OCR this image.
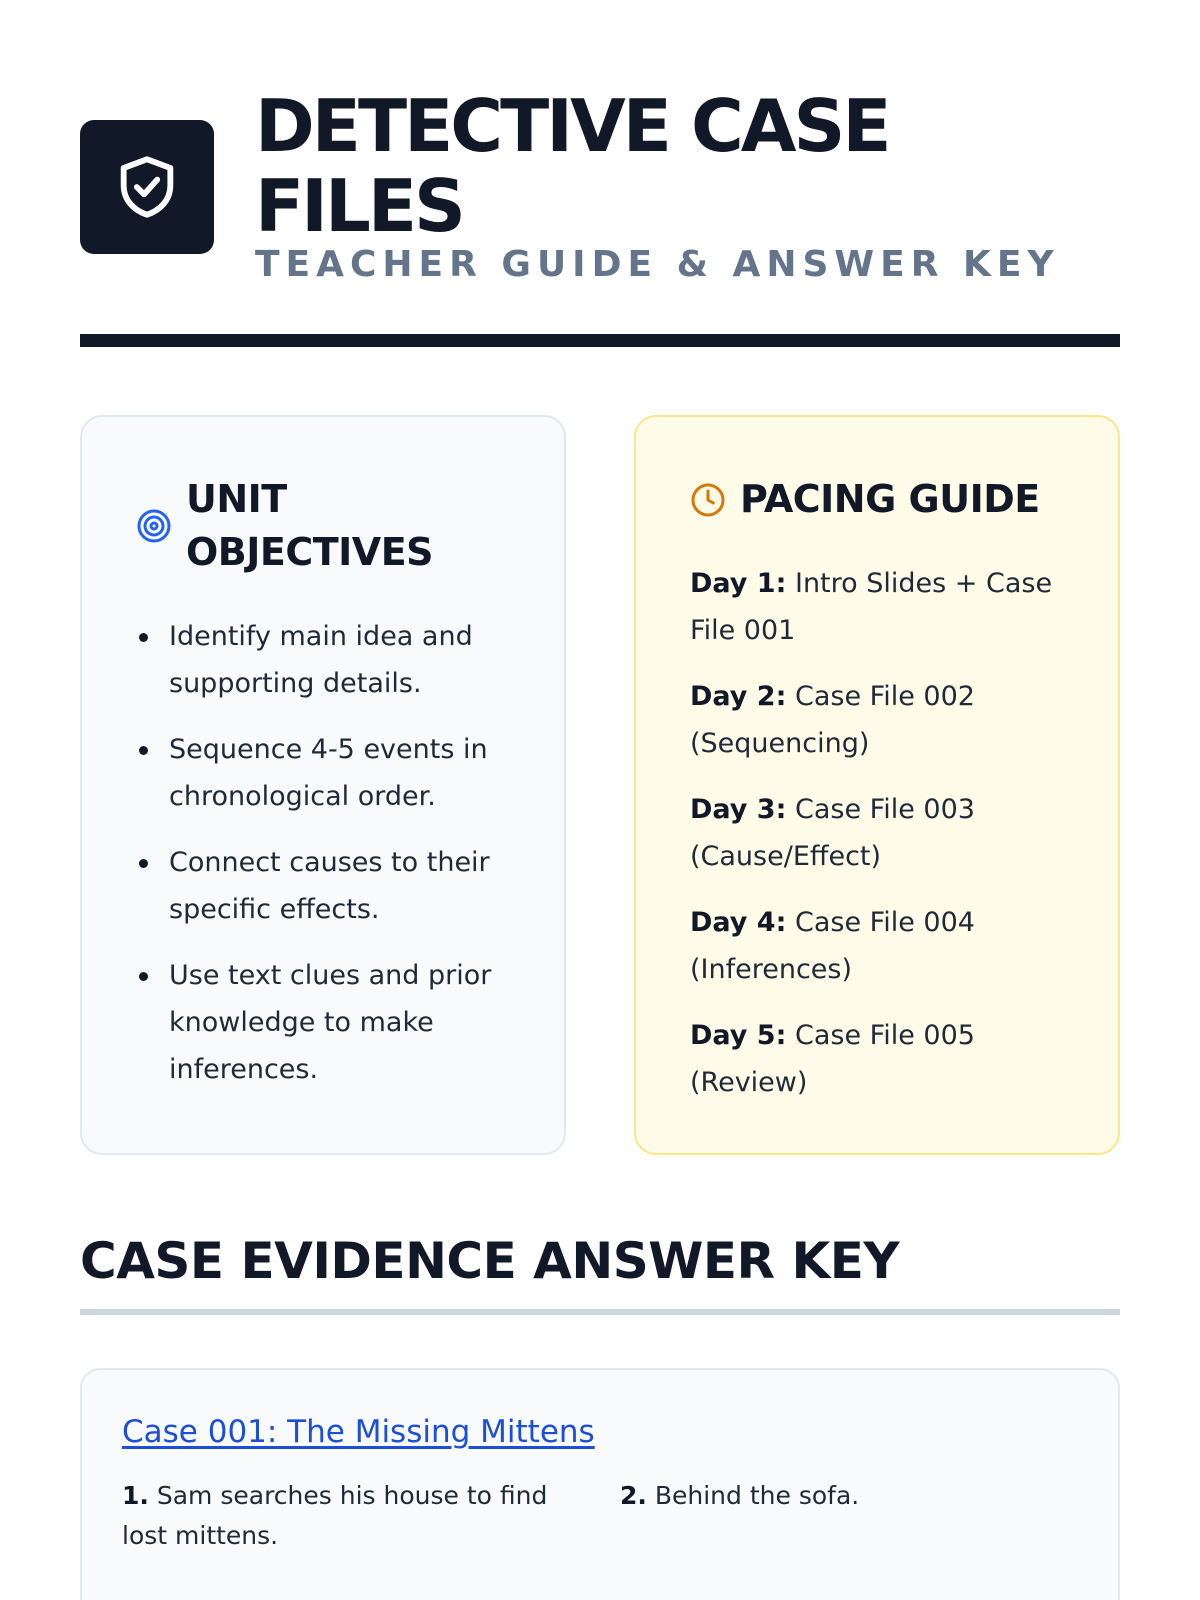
DETECTIVE CASE FILES
TEACHER GUIDE & ANSWER KEY
UNIT OBJECTIVES
Identify main idea and supporting details.
Sequence 4-5 events in chronological order.
Connect causes to their specific effects.
Use text clues and prior knowledge to make inferences.
PACING GUIDE
Day 1: Intro Slides + Case File 001
Day 2: Case File 002 (Sequencing)
Day 3: Case File 003 (Cause/Effect)
Day 4: Case File 004 (Inferences)
Day 5: Case File 005 (Review)
CASE EVIDENCE ANSWER KEY
Case 001: The Missing Mittens
1. Sam searches his house to find lost mittens.
2. Behind the sofa.
